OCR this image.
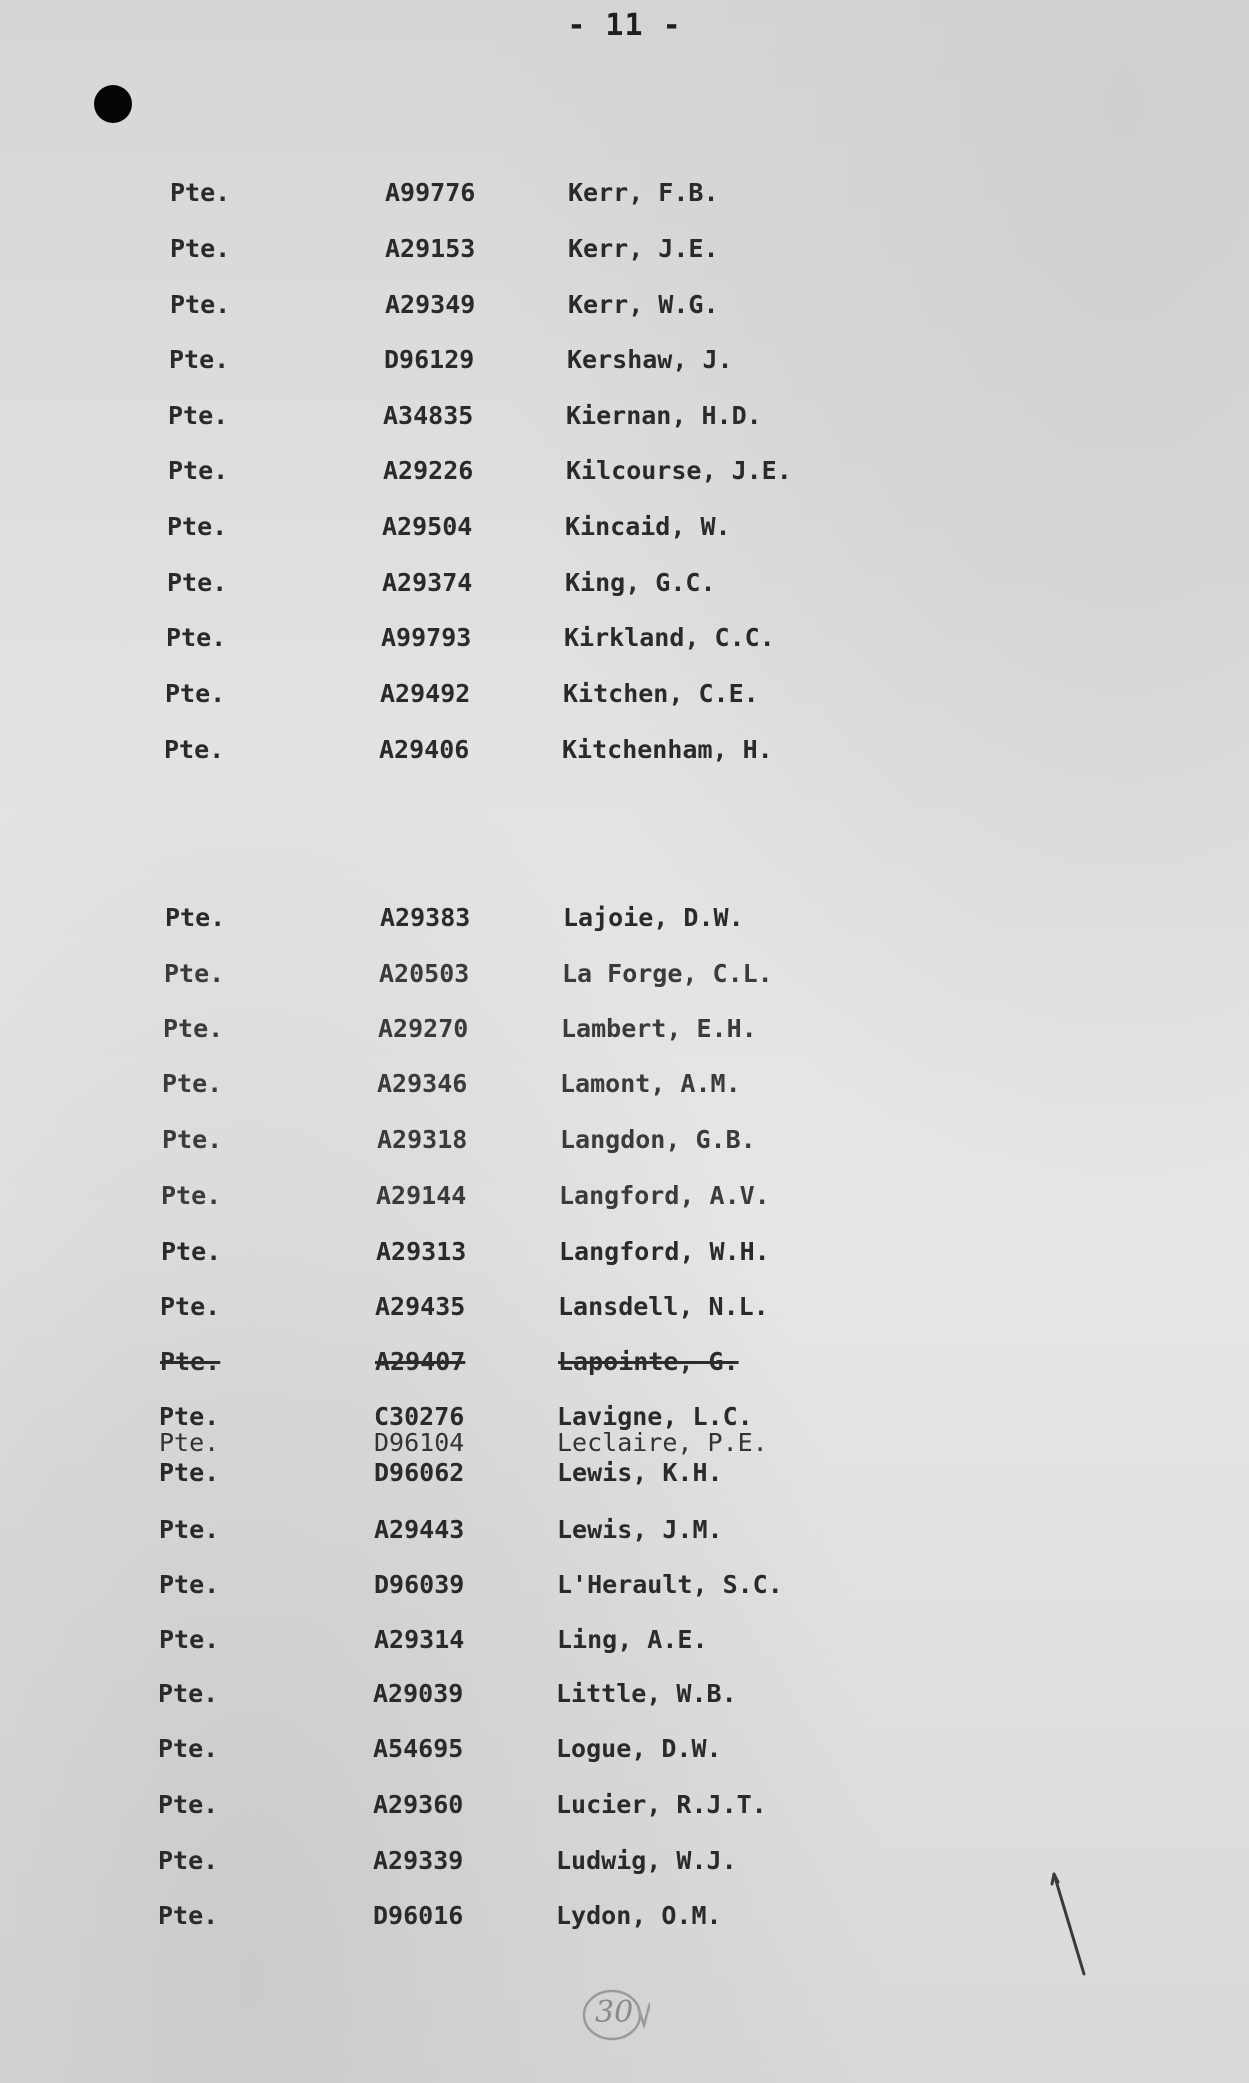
- 11 -
Pte.	A99776	Kerr, F.B.
Pte.	A29153	Kerr, J.E.
Pte.	A29349	Kerr, W.G.
Pte.	D96129	Kershaw, J.
Pte.	A34835	Kiernan, H.D.
Pte.	A29226	Kilcourse, J.E.
Pte.	A29504	Kincaid, W.
Pte.	A29374	King, G.C.
Pte.	A99793	Kirkland, C.C.
Pte.	A29492	Kitchen, C.E.
Pte.	A29406	Kitchenham, H.
Pte.	A29383	Lajoie, D.W.
Pte.	A20503	La Forge, C.L.
Pte.	A29270	Lambert, E.H.
Pte.	A29346	Lamont, A.M.
Pte.	A29318	Langdon, G.B.
Pte.	A29144	Langford, A.V.
Pte.	A29313	Langford, W.H.
Pte.	A29435	Lansdell, N.L.
Pte.	A29407	Lapointe, G.
Pte.	C30276	Lavigne, L.C.
Pte.	D96104	Leclaire, P.E.
Pte.	D96062	Lewis, K.H.
Pte.	A29443	Lewis, J.M.
Pte.	D96039	L'Herault, S.C.
Pte.	A29314	Ling, A.E.
Pte.	A29039	Little, W.B.
Pte.	A54695	Logue, D.W.
Pte.	A29360	Lucier, R.J.T.
Pte.	A29339	Ludwig, W.J.
Pte.	D96016	Lydon, O.M.
30
